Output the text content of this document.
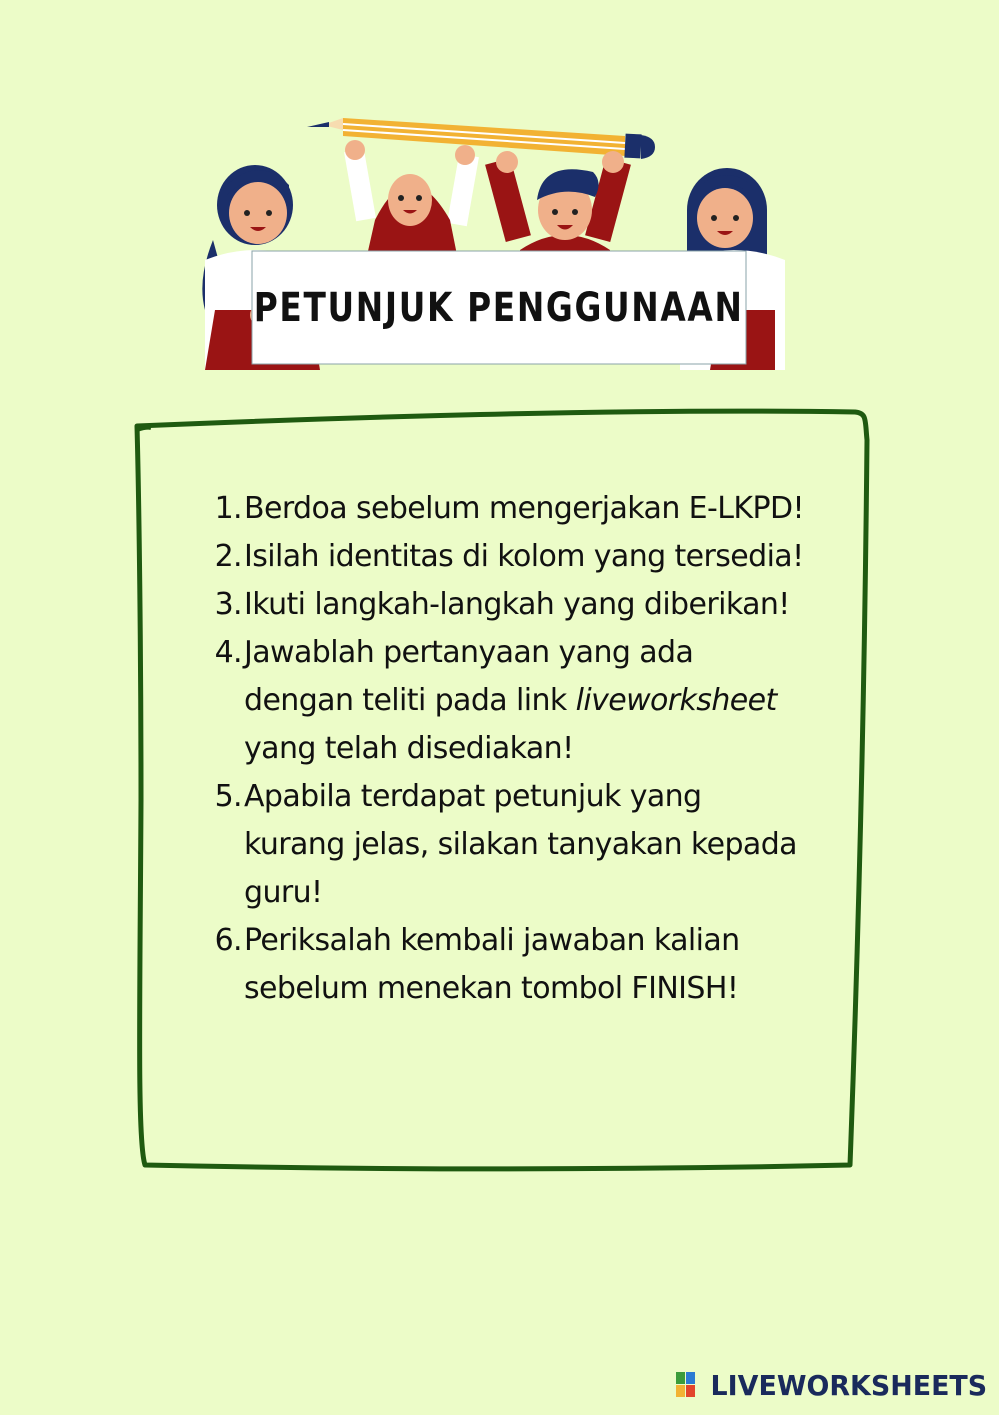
PETUNJUK PENGGUNAAN
1. Berdoa sebelum mengerjakan E-LKPD!
2. Isilah identitas di kolom yang tersedia!
3. Ikuti langkah-langkah yang diberikan!
4. Jawablah pertanyaan yang ada
dengan teliti pada link liveworksheet
yang telah disediakan!
5. Apabila terdapat petunjuk yang
kurang jelas, silakan tanyakan kepada
guru!
6. Periksalah kembali jawaban kalian
sebelum menekan tombol FINISH!
LIVEWORKSHEETS
